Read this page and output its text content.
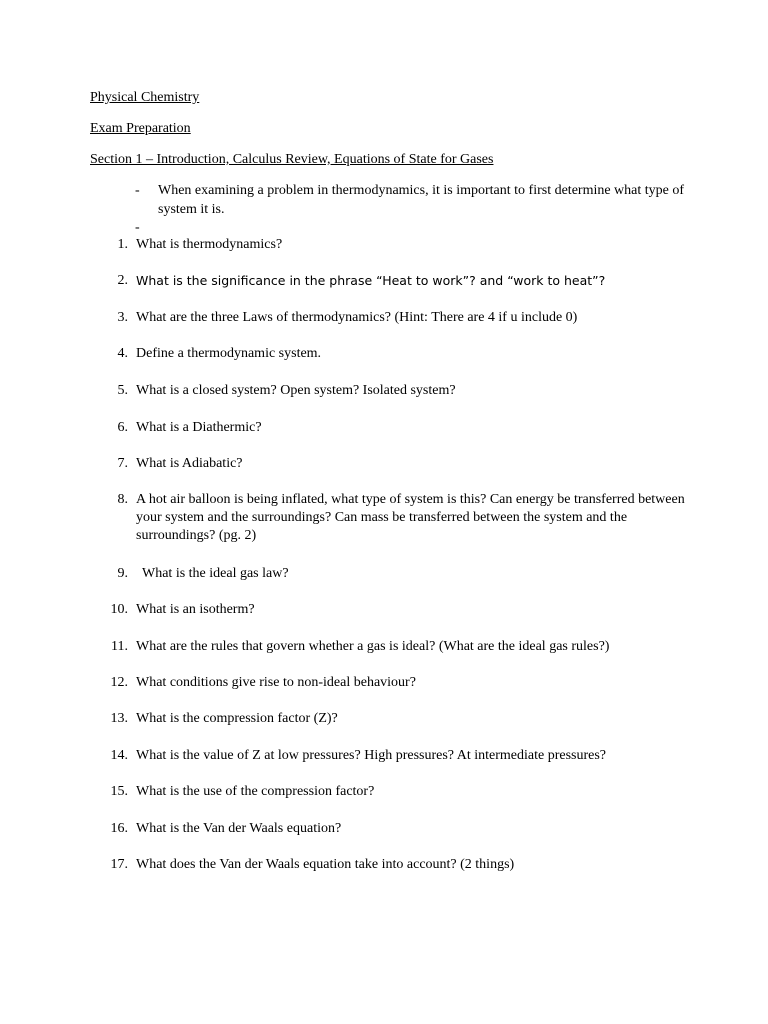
Physical Chemistry
Exam Preparation
Section 1 – Introduction, Calculus Review, Equations of State for Gases
- When examining a problem in thermodynamics, it is important to first determine what type of system it is.
-
1. What is thermodynamics?
2. What is the significance in the phrase “Heat to work”? and “work to heat”?
3. What are the three Laws of thermodynamics? (Hint: There are 4 if u include 0)
4. Define a thermodynamic system.
5. What is a closed system? Open system? Isolated system?
6. What is a Diathermic?
7. What is Adiabatic?
8. A hot air balloon is being inflated, what type of system is this? Can energy be transferred between your system and the surroundings? Can mass be transferred between the system and the surroundings? (pg. 2)
9. What is the ideal gas law?
10. What is an isotherm?
11. What are the rules that govern whether a gas is ideal? (What are the ideal gas rules?)
12. What conditions give rise to non-ideal behaviour?
13. What is the compression factor (Z)?
14. What is the value of Z at low pressures? High pressures? At intermediate pressures?
15. What is the use of the compression factor?
16. What is the Van der Waals equation?
17. What does the Van der Waals equation take into account? (2 things)
